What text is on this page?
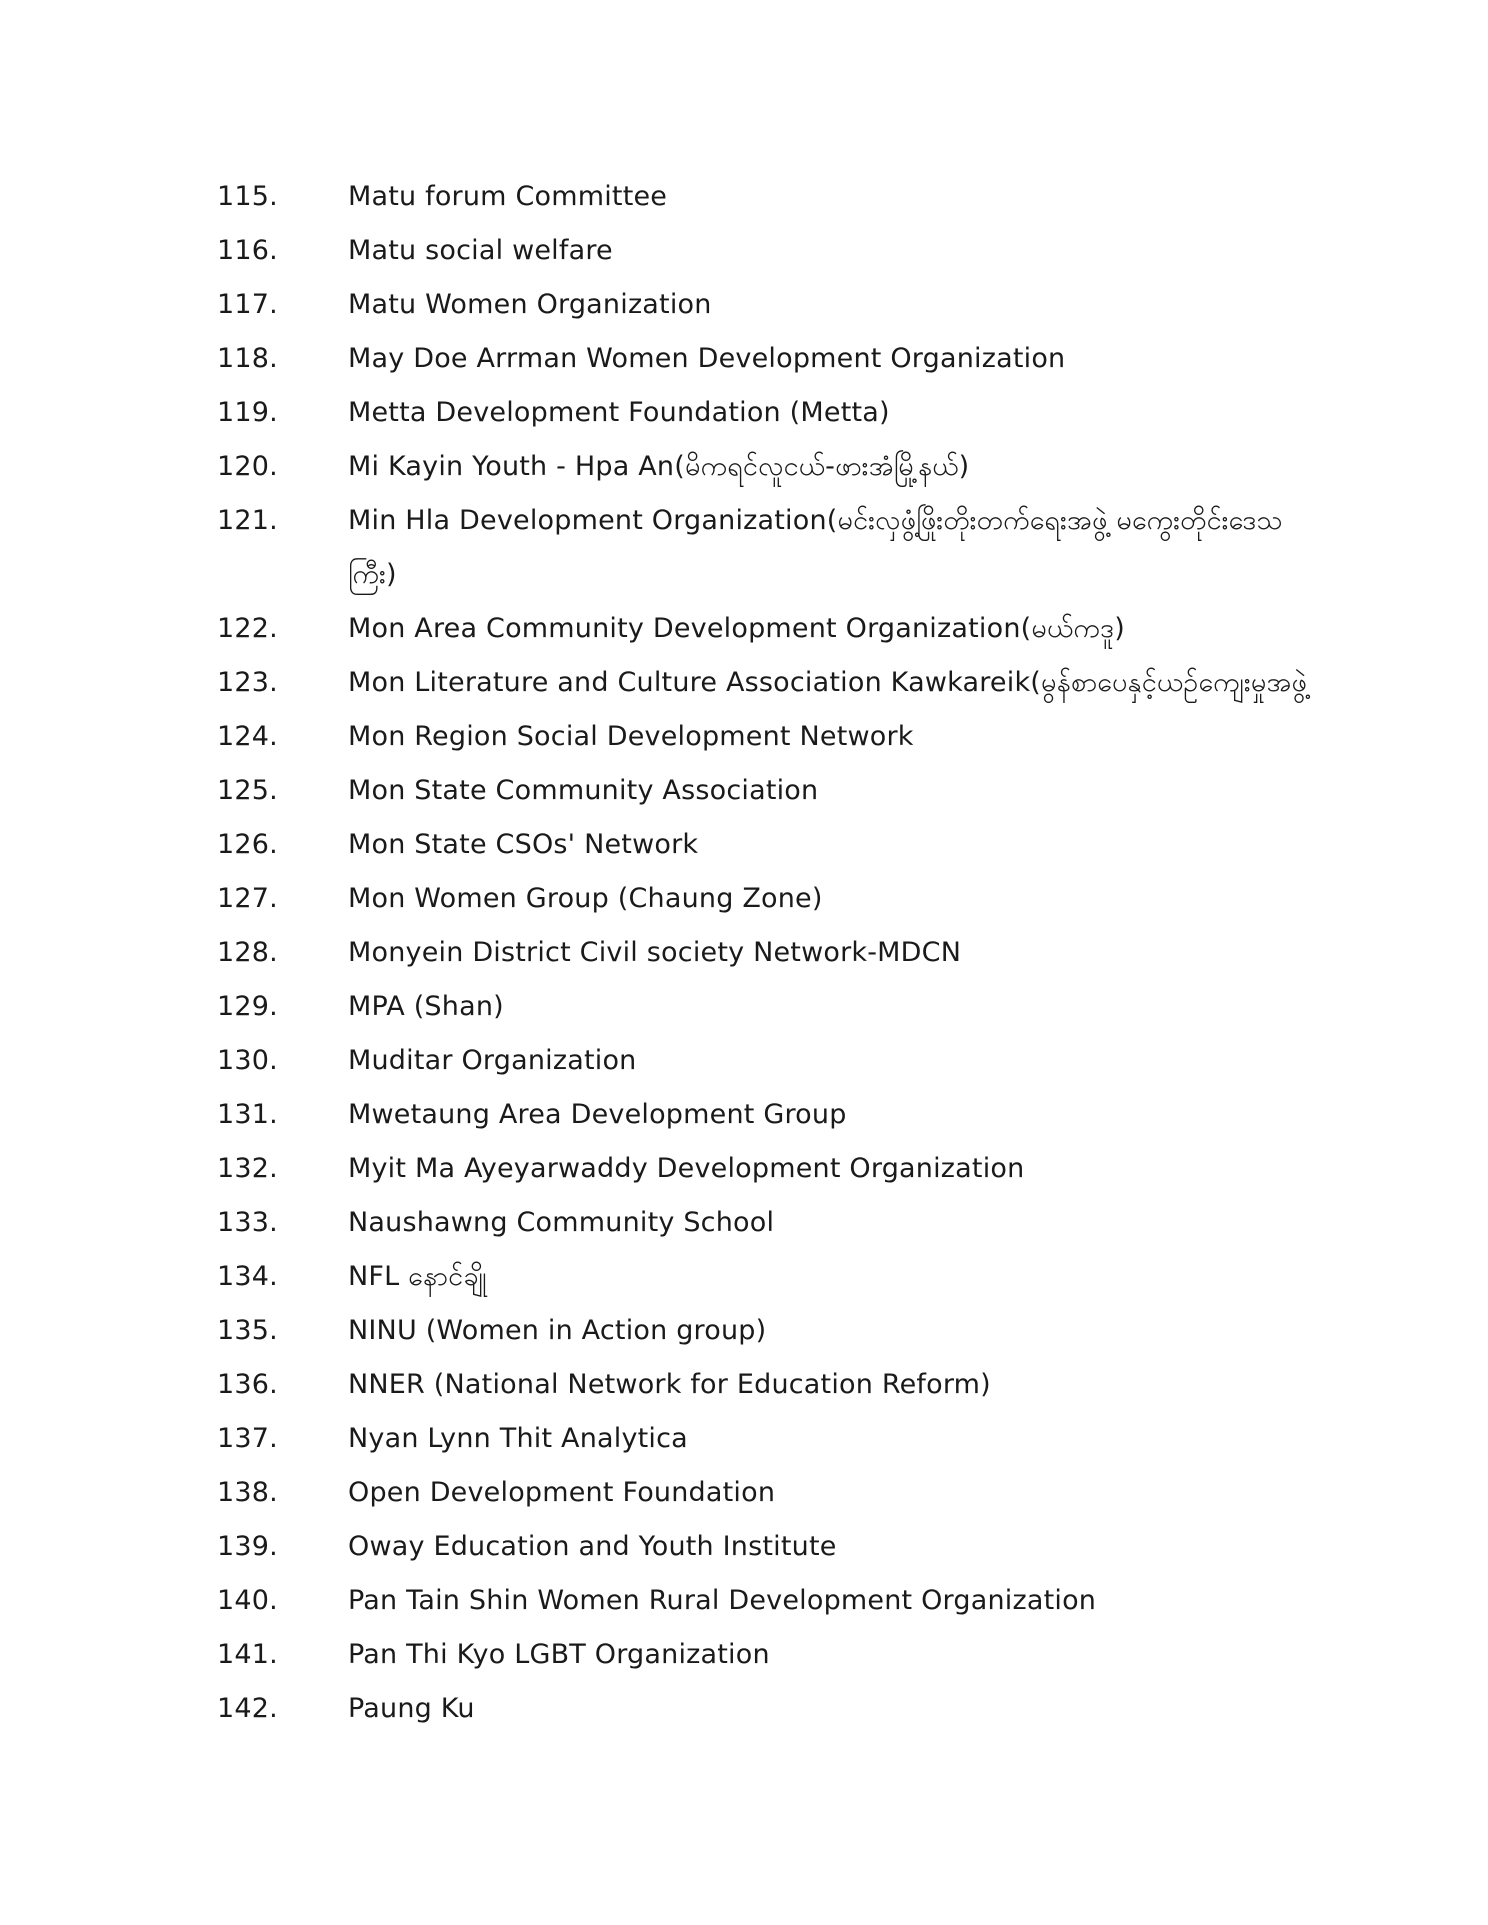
115.	Matu forum Committee
116.	Matu social welfare
117.	Matu Women Organization
118.	May Doe Arrman Women Development Organization
119.	Metta Development Foundation (Metta)
120.	Mi Kayin Youth - Hpa An(မိကရင်လူငယ်-ဖားအံမြို့နယ်)
121.	Min Hla Development Organization(မင်းလှဖွံ့ဖြိုးတိုးတက်ရေးအဖွဲ့ မကွေးတိုင်းဒေသကြီး)
122.	Mon Area Community Development Organization(မယ်ကဒူ)
123.	Mon Literature and Culture Association Kawkareik(မွန်စာပေနှင့်ယဉ်ကျေးမှုအဖွဲ့
124.	Mon Region Social Development Network
125.	Mon State Community Association
126.	Mon State CSOs' Network
127.	Mon Women Group (Chaung Zone)
128.	Monyein District Civil society Network-MDCN
129.	MPA (Shan)
130.	Muditar Organization
131.	Mwetaung Area Development Group
132.	Myit Ma Ayeyarwaddy Development Organization
133.	Naushawng Community School
134.	NFL နောင်ချို
135.	NINU (Women in Action group)
136.	NNER (National Network for Education Reform)
137.	Nyan Lynn Thit Analytica
138.	Open Development Foundation
139.	Oway Education and Youth Institute
140.	Pan Tain Shin Women Rural Development Organization
141.	Pan Thi Kyo LGBT Organization
142.	Paung Ku
